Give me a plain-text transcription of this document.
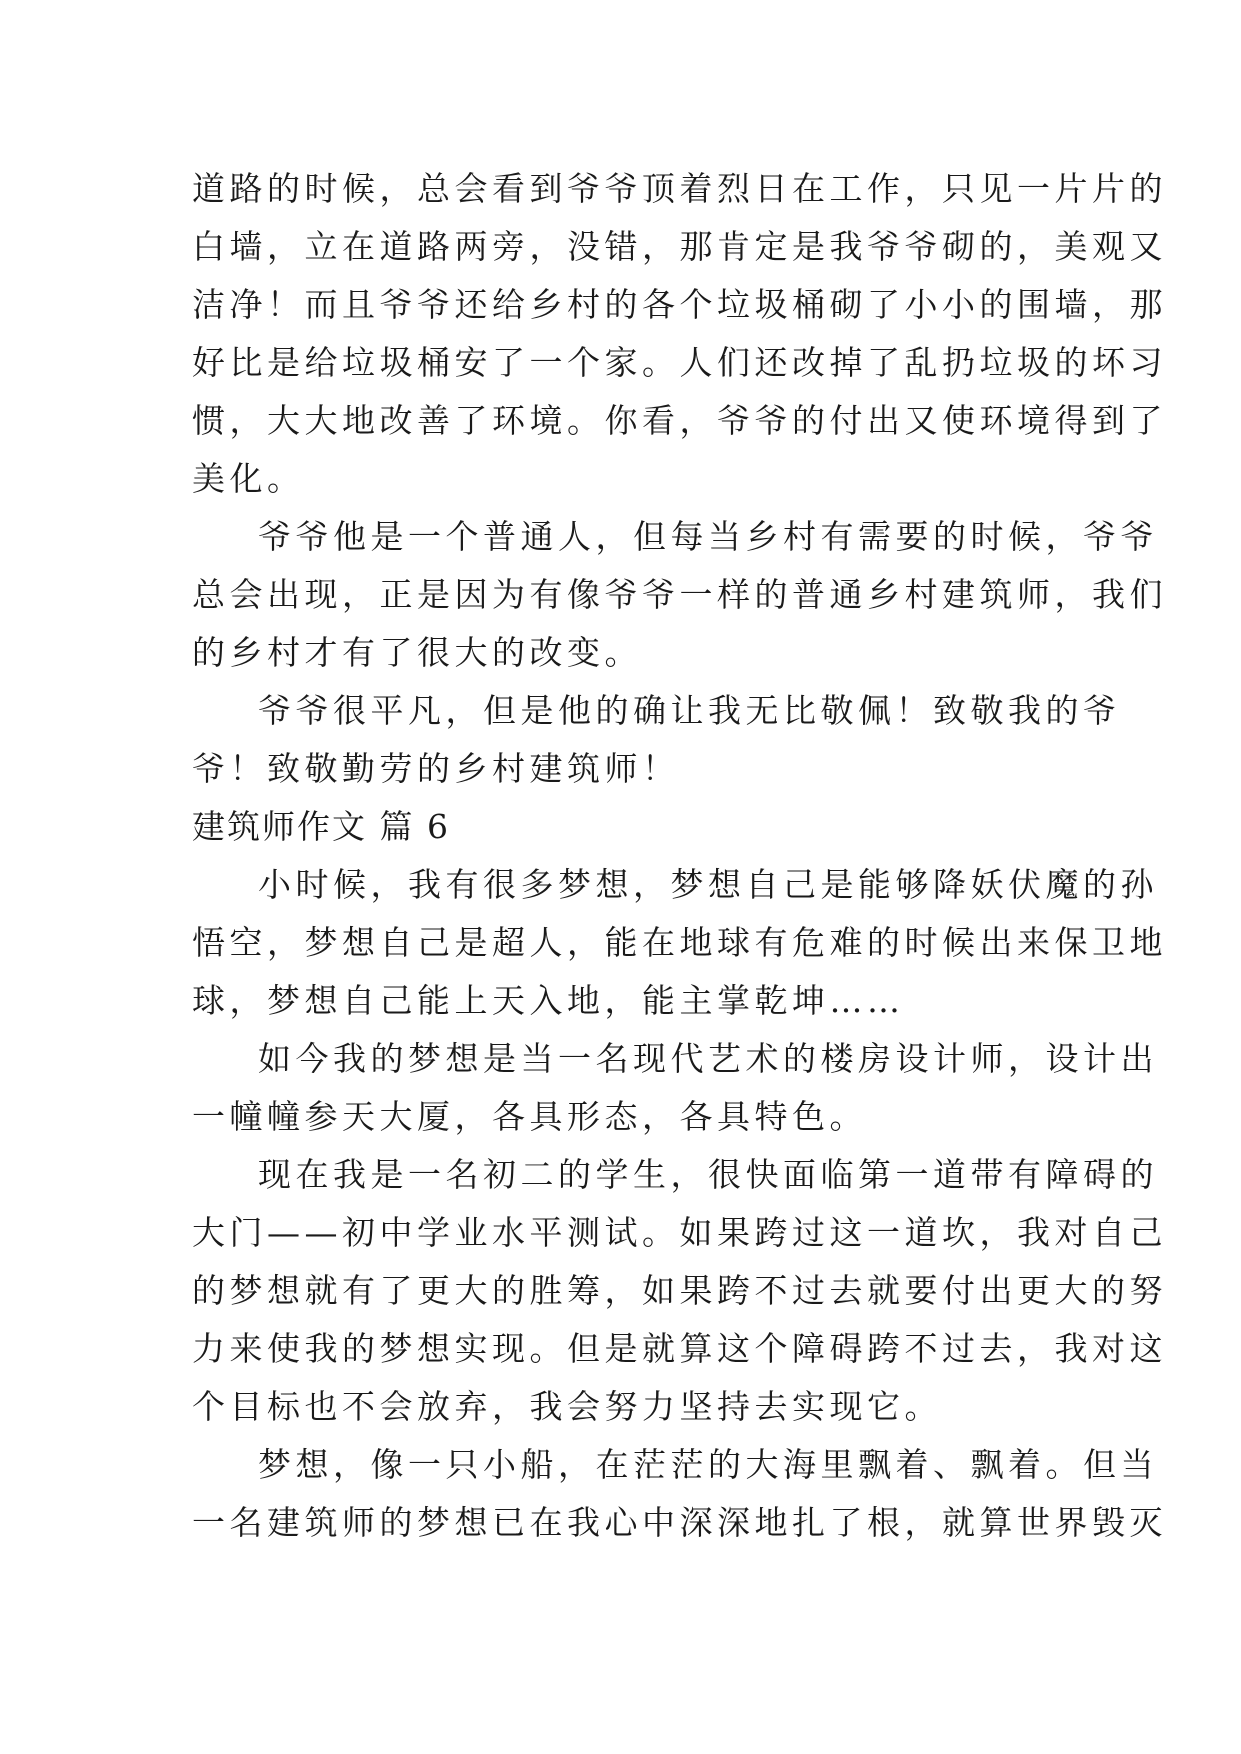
道路的时候，总会看到爷爷顶着烈日在工作，只见一片片的
白墙，立在道路两旁，没错，那肯定是我爷爷砌的，美观又
洁净！而且爷爷还给乡村的各个垃圾桶砌了小小的围墙，那
好比是给垃圾桶安了一个家。人们还改掉了乱扔垃圾的坏习
惯，大大地改善了环境。你看，爷爷的付出又使环境得到了
美化。
爷爷他是一个普通人，但每当乡村有需要的时候，爷爷
总会出现，正是因为有像爷爷一样的普通乡村建筑师，我们
的乡村才有了很大的改变。
爷爷很平凡，但是他的确让我无比敬佩！致敬我的爷
爷！致敬勤劳的乡村建筑师！
建筑师作文 篇 6
小时候，我有很多梦想，梦想自己是能够降妖伏魔的孙
悟空，梦想自己是超人，能在地球有危难的时候出来保卫地
球，梦想自己能上天入地，能主掌乾坤……
如今我的梦想是当一名现代艺术的楼房设计师，设计出
一幢幢参天大厦，各具形态，各具特色。
现在我是一名初二的学生，很快面临第一道带有障碍的
大门——初中学业水平测试。如果跨过这一道坎，我对自己
的梦想就有了更大的胜筹，如果跨不过去就要付出更大的努
力来使我的梦想实现。但是就算这个障碍跨不过去，我对这
个目标也不会放弃，我会努力坚持去实现它。
梦想，像一只小船，在茫茫的大海里飘着、飘着。但当
一名建筑师的梦想已在我心中深深地扎了根，就算世界毁灭
